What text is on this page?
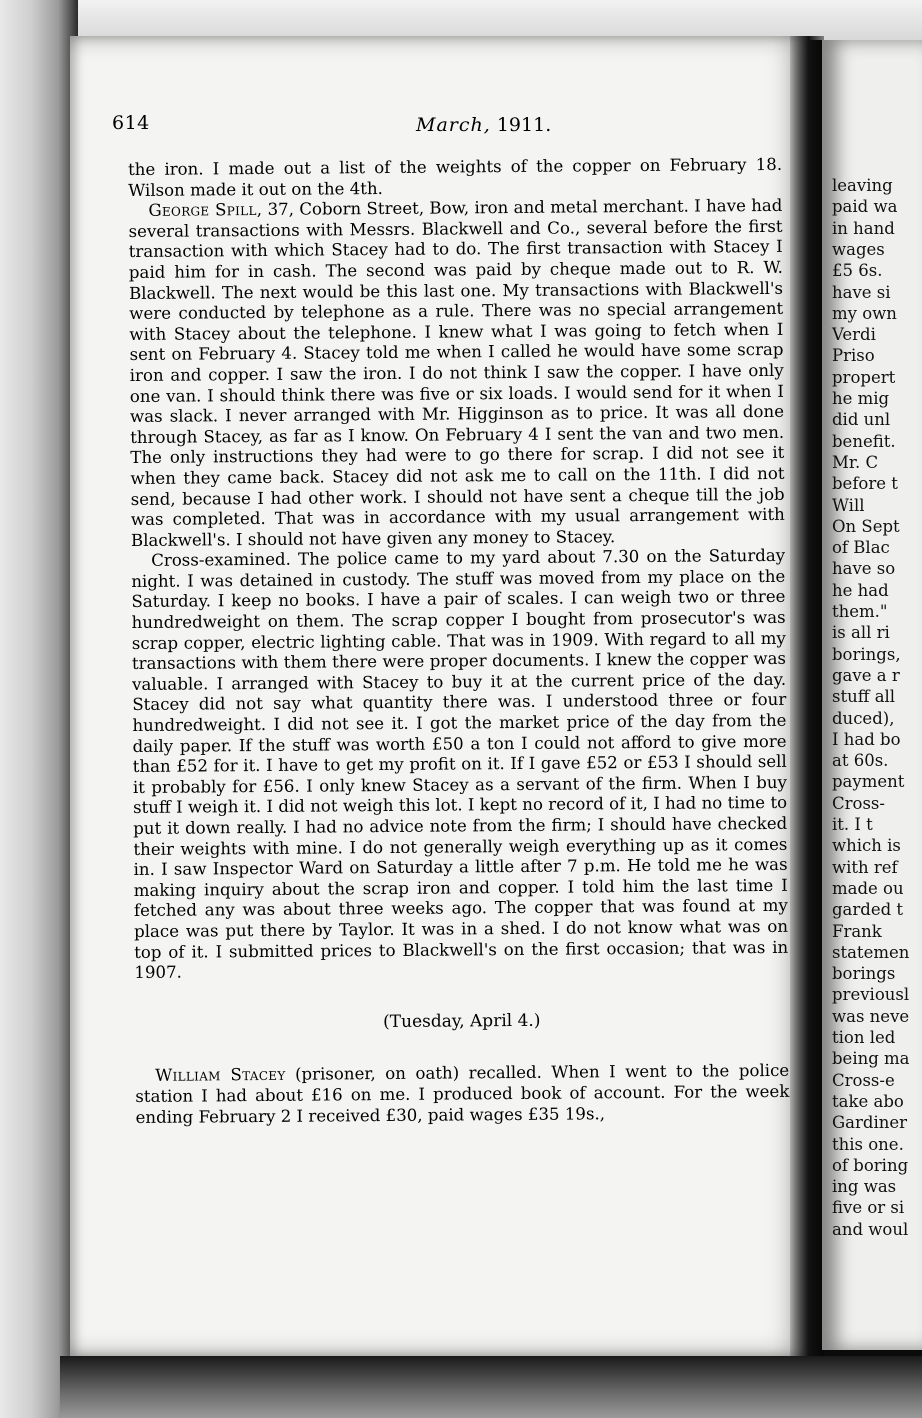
leaving
paid wa
in hand
wages
£5 6s.
have si
my own
Verdi
Priso
propert
he mig
did unl
benefit.
Mr. C
before t
Will
On Sept
of Blac
have so
he had
them."
is all ri
borings,
gave a r
stuff all
duced),
I had bo
at 60s.
payment
Cross-
it. I t
which is
with ref
made ou
garded t
Frank
statemen
borings
previousl
was neve
tion led
being ma
Cross-e
take abo
Gardiner
this one.
of boring
ing was
five or si
and woul
614	March, 1911.

the iron. I made out a list of the weights of the copper on February 18. Wilson made it out on the 4th.

George Spill, 37, Coborn Street, Bow, iron and metal merchant. I have had several transactions with Messrs. Blackwell and Co., several before the first transaction with which Stacey had to do. The first transaction with Stacey I paid him for in cash. The second was paid by cheque made out to R. W. Blackwell. The next would be this last one. My transactions with Blackwell's were conducted by telephone as a rule. There was no special arrangement with Stacey about the telephone. I knew what I was going to fetch when I sent on February 4. Stacey told me when I called he would have some scrap iron and copper. I saw the iron. I do not think I saw the copper. I have only one van. I should think there was five or six loads. I would send for it when I was slack. I never arranged with Mr. Higginson as to price. It was all done through Stacey, as far as I know. On February 4 I sent the van and two men. The only instructions they had were to go there for scrap. I did not see it when they came back. Stacey did not ask me to call on the 11th. I did not send, because I had other work. I should not have sent a cheque till the job was completed. That was in accordance with my usual arrangement with Blackwell's. I should not have given any money to Stacey.

Cross-examined. The police came to my yard about 7.30 on the Saturday night. I was detained in custody. The stuff was moved from my place on the Saturday. I keep no books. I have a pair of scales. I can weigh two or three hundredweight on them. The scrap copper I bought from prosecutor's was scrap copper, electric lighting cable. That was in 1909. With regard to all my transactions with them there were proper documents. I knew the copper was valuable. I arranged with Stacey to buy it at the current price of the day. Stacey did not say what quantity there was. I understood three or four hundredweight. I did not see it. I got the market price of the day from the daily paper. If the stuff was worth £50 a ton I could not afford to give more than £52 for it. I have to get my profit on it. If I gave £52 or £53 I should sell it probably for £56. I only knew Stacey as a servant of the firm. When I buy stuff I weigh it. I did not weigh this lot. I kept no record of it, I had no time to put it down really. I had no advice note from the firm; I should have checked their weights with mine. I do not generally weigh everything up as it comes in. I saw Inspector Ward on Saturday a little after 7 p.m. He told me he was making inquiry about the scrap iron and copper. I told him the last time I fetched any was about three weeks ago. The copper that was found at my place was put there by Taylor. It was in a shed. I do not know what was on top of it. I submitted prices to Blackwell's on the first occasion; that was in 1907.

(Tuesday, April 4.)

William Stacey (prisoner, on oath) recalled. When I went to the police station I had about £16 on me. I produced book of account. For the week ending February 2 I received £30, paid wages £35 19s.,
